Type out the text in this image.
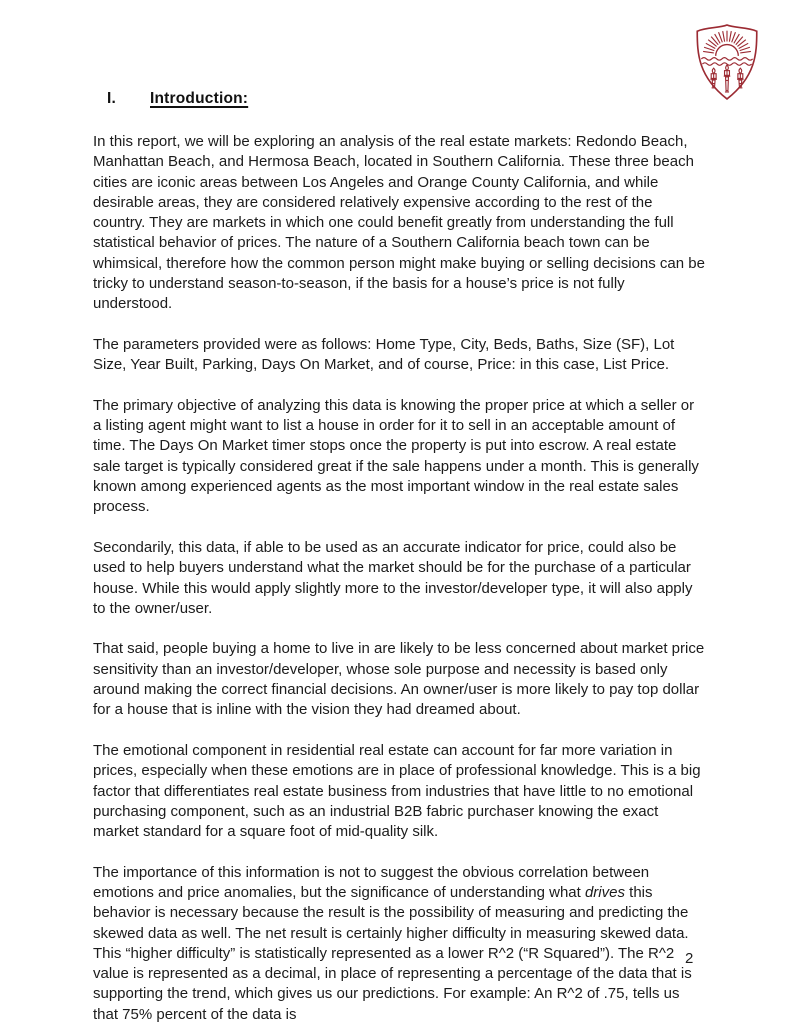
I. Introduction:

In this report, we will be exploring an analysis of the real estate markets: Redondo Beach, Manhattan Beach, and Hermosa Beach, located in Southern California. These three beach cities are iconic areas between Los Angeles and Orange County California, and while desirable areas, they are considered relatively expensive according to the rest of the country. They are markets in which one could benefit greatly from understanding the full statistical behavior of prices. The nature of a Southern California beach town can be whimsical, therefore how the common person might make buying or selling decisions can be tricky to understand season-to-season, if the basis for a house’s price is not fully understood.

The parameters provided were as follows: Home Type, City, Beds, Baths, Size (SF), Lot Size, Year Built, Parking, Days On Market, and of course, Price: in this case, List Price.

The primary objective of analyzing this data is knowing the proper price at which a seller or a listing agent might want to list a house in order for it to sell in an acceptable amount of time. The Days On Market timer stops once the property is put into escrow. A real estate sale target is typically considered great if the sale happens under a month. This is generally known among experienced agents as the most important window in the real estate sales process.

Secondarily, this data, if able to be used as an accurate indicator for price, could also be used to help buyers understand what the market should be for the purchase of a particular house. While this would apply slightly more to the investor/developer type, it will also apply to the owner/user.

That said, people buying a home to live in are likely to be less concerned about market price sensitivity than an investor/developer, whose sole purpose and necessity is based only around making the correct financial decisions. An owner/user is more likely to pay top dollar for a house that is inline with the vision they had dreamed about.

The emotional component in residential real estate can account for far more variation in prices, especially when these emotions are in place of professional knowledge. This is a big factor that differentiates real estate business from industries that have little to no emotional purchasing component, such as an industrial B2B fabric purchaser knowing the exact market standard for a square foot of mid-quality silk.

The importance of this information is not to suggest the obvious correlation between emotions and price anomalies, but the significance of understanding what drives this behavior is necessary because the result is the possibility of measuring and predicting the skewed data as well. The net result is certainly higher difficulty in measuring skewed data. This “higher difficulty” is statistically represented as a lower R^2 (“R Squared”). The R^2 value is represented as a decimal, in place of representing a percentage of the data that is supporting the trend, which gives us our predictions. For example: An R^2 of .75, tells us that 75% percent of the data is

2
